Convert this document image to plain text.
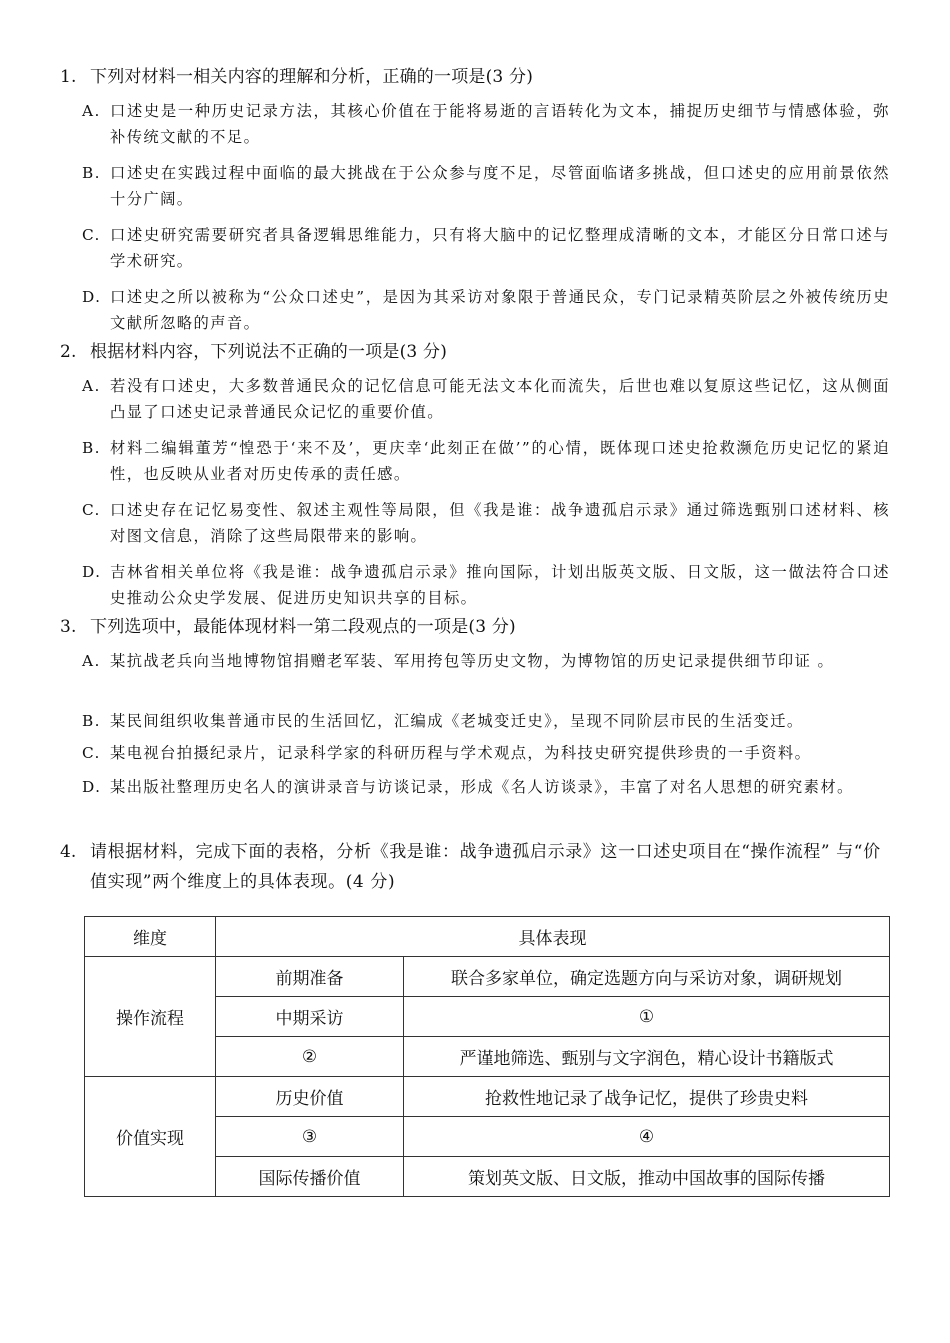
1. 下列对材料一相关内容的理解和分析，正确的一项是(3 分)
A. 口述史是一种历史记录方法，其核心价值在于能将易逝的言语转化为文本，捕捉历史细节与情感体验，弥补传统文献的不足。
B. 口述史在实践过程中面临的最大挑战在于公众参与度不足，尽管面临诸多挑战，但口述史的应用前景依然十分广阔。
C. 口述史研究需要研究者具备逻辑思维能力，只有将大脑中的记忆整理成清晰的文本，才能区分日常口述与学术研究。
D. 口述史之所以被称为“公众口述史”，是因为其采访对象限于普通民众，专门记录精英阶层之外被传统历史文献所忽略的声音。
2. 根据材料内容，下列说法不正确的一项是(3 分)
A. 若没有口述史，大多数普通民众的记忆信息可能无法文本化而流失，后世也难以复原这些记忆，这从侧面凸显了口述史记录普通民众记忆的重要价值。
B. 材料二编辑董芳“惶恐于‘来不及’，更庆幸‘此刻正在做’”的心情，既体现口述史抢救濒危历史记忆的紧迫性，也反映从业者对历史传承的责任感。
C. 口述史存在记忆易变性、叙述主观性等局限，但《我是谁：战争遗孤启示录》通过筛选甄别口述材料、核对图文信息，消除了这些局限带来的影响。
D. 吉林省相关单位将《我是谁：战争遗孤启示录》推向国际，计划出版英文版、日文版，这一做法符合口述史推动公众史学发展、促进历史知识共享的目标。
3. 下列选项中，最能体现材料一第二段观点的一项是(3 分)
A. 某抗战老兵向当地博物馆捐赠老军装、军用挎包等历史文物，为博物馆的历史记录提供细节印证 。
B. 某民间组织收集普通市民的生活回忆，汇编成《老城变迁史》，呈现不同阶层市民的生活变迁。
C. 某电视台拍摄纪录片，记录科学家的科研历程与学术观点，为科技史研究提供珍贵的一手资料。
D. 某出版社整理历史名人的演讲录音与访谈记录，形成《名人访谈录》，丰富了对名人思想的研究素材。
4. 请根据材料，完成下面的表格，分析《我是谁：战争遗孤启示录》这一口述史项目在“操作流程” 与“价值实现”两个维度上的具体表现。(4 分)
维度	具体表现	
操作流程	前期准备	联合多家单位，确定选题方向与采访对象，调研规划
	中期采访	①
	②	严谨地筛选、甄别与文字润色，精心设计书籍版式
价值实现	历史价值	抢救性地记录了战争记忆，提供了珍贵史料
	③	④
	国际传播价值	策划英文版、日文版，推动中国故事的国际传播
